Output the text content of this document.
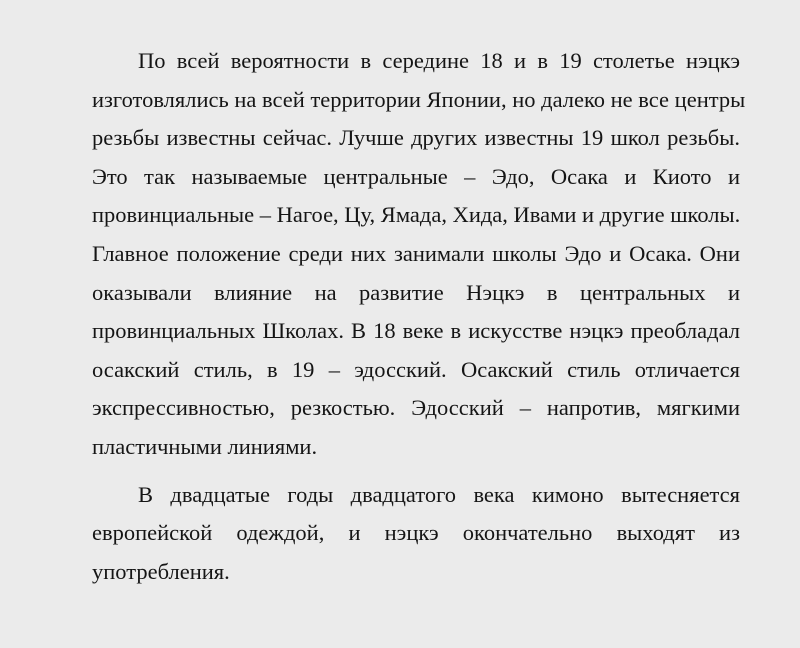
По всей вероятности в середине 18 и в 19 столетье нэцкэ
изготовлялись на всей территории Японии, но далеко не все центры
резьбы известны сейчас. Лучше других известны 19 школ резьбы.
Это так называемые центральные – Эдо, Осака и Киото и
провинциальные – Нагое, Цу, Ямада, Хида, Ивами и другие школы.
Главное положение среди них занимали школы Эдо и Осака. Они
оказывали влияние на развитие Нэцкэ в центральных и
провинциальных Школах. В 18 веке в искусстве нэцкэ преобладал
осакский стиль, в 19 – эдосский. Осакский стиль отличается
экспрессивностью, резкостью. Эдосский – напротив, мягкими
пластичными линиями.
В двадцатые годы двадцатого века кимоно вытесняется
европейской одеждой, и нэцкэ окончательно выходят из
употребления.
